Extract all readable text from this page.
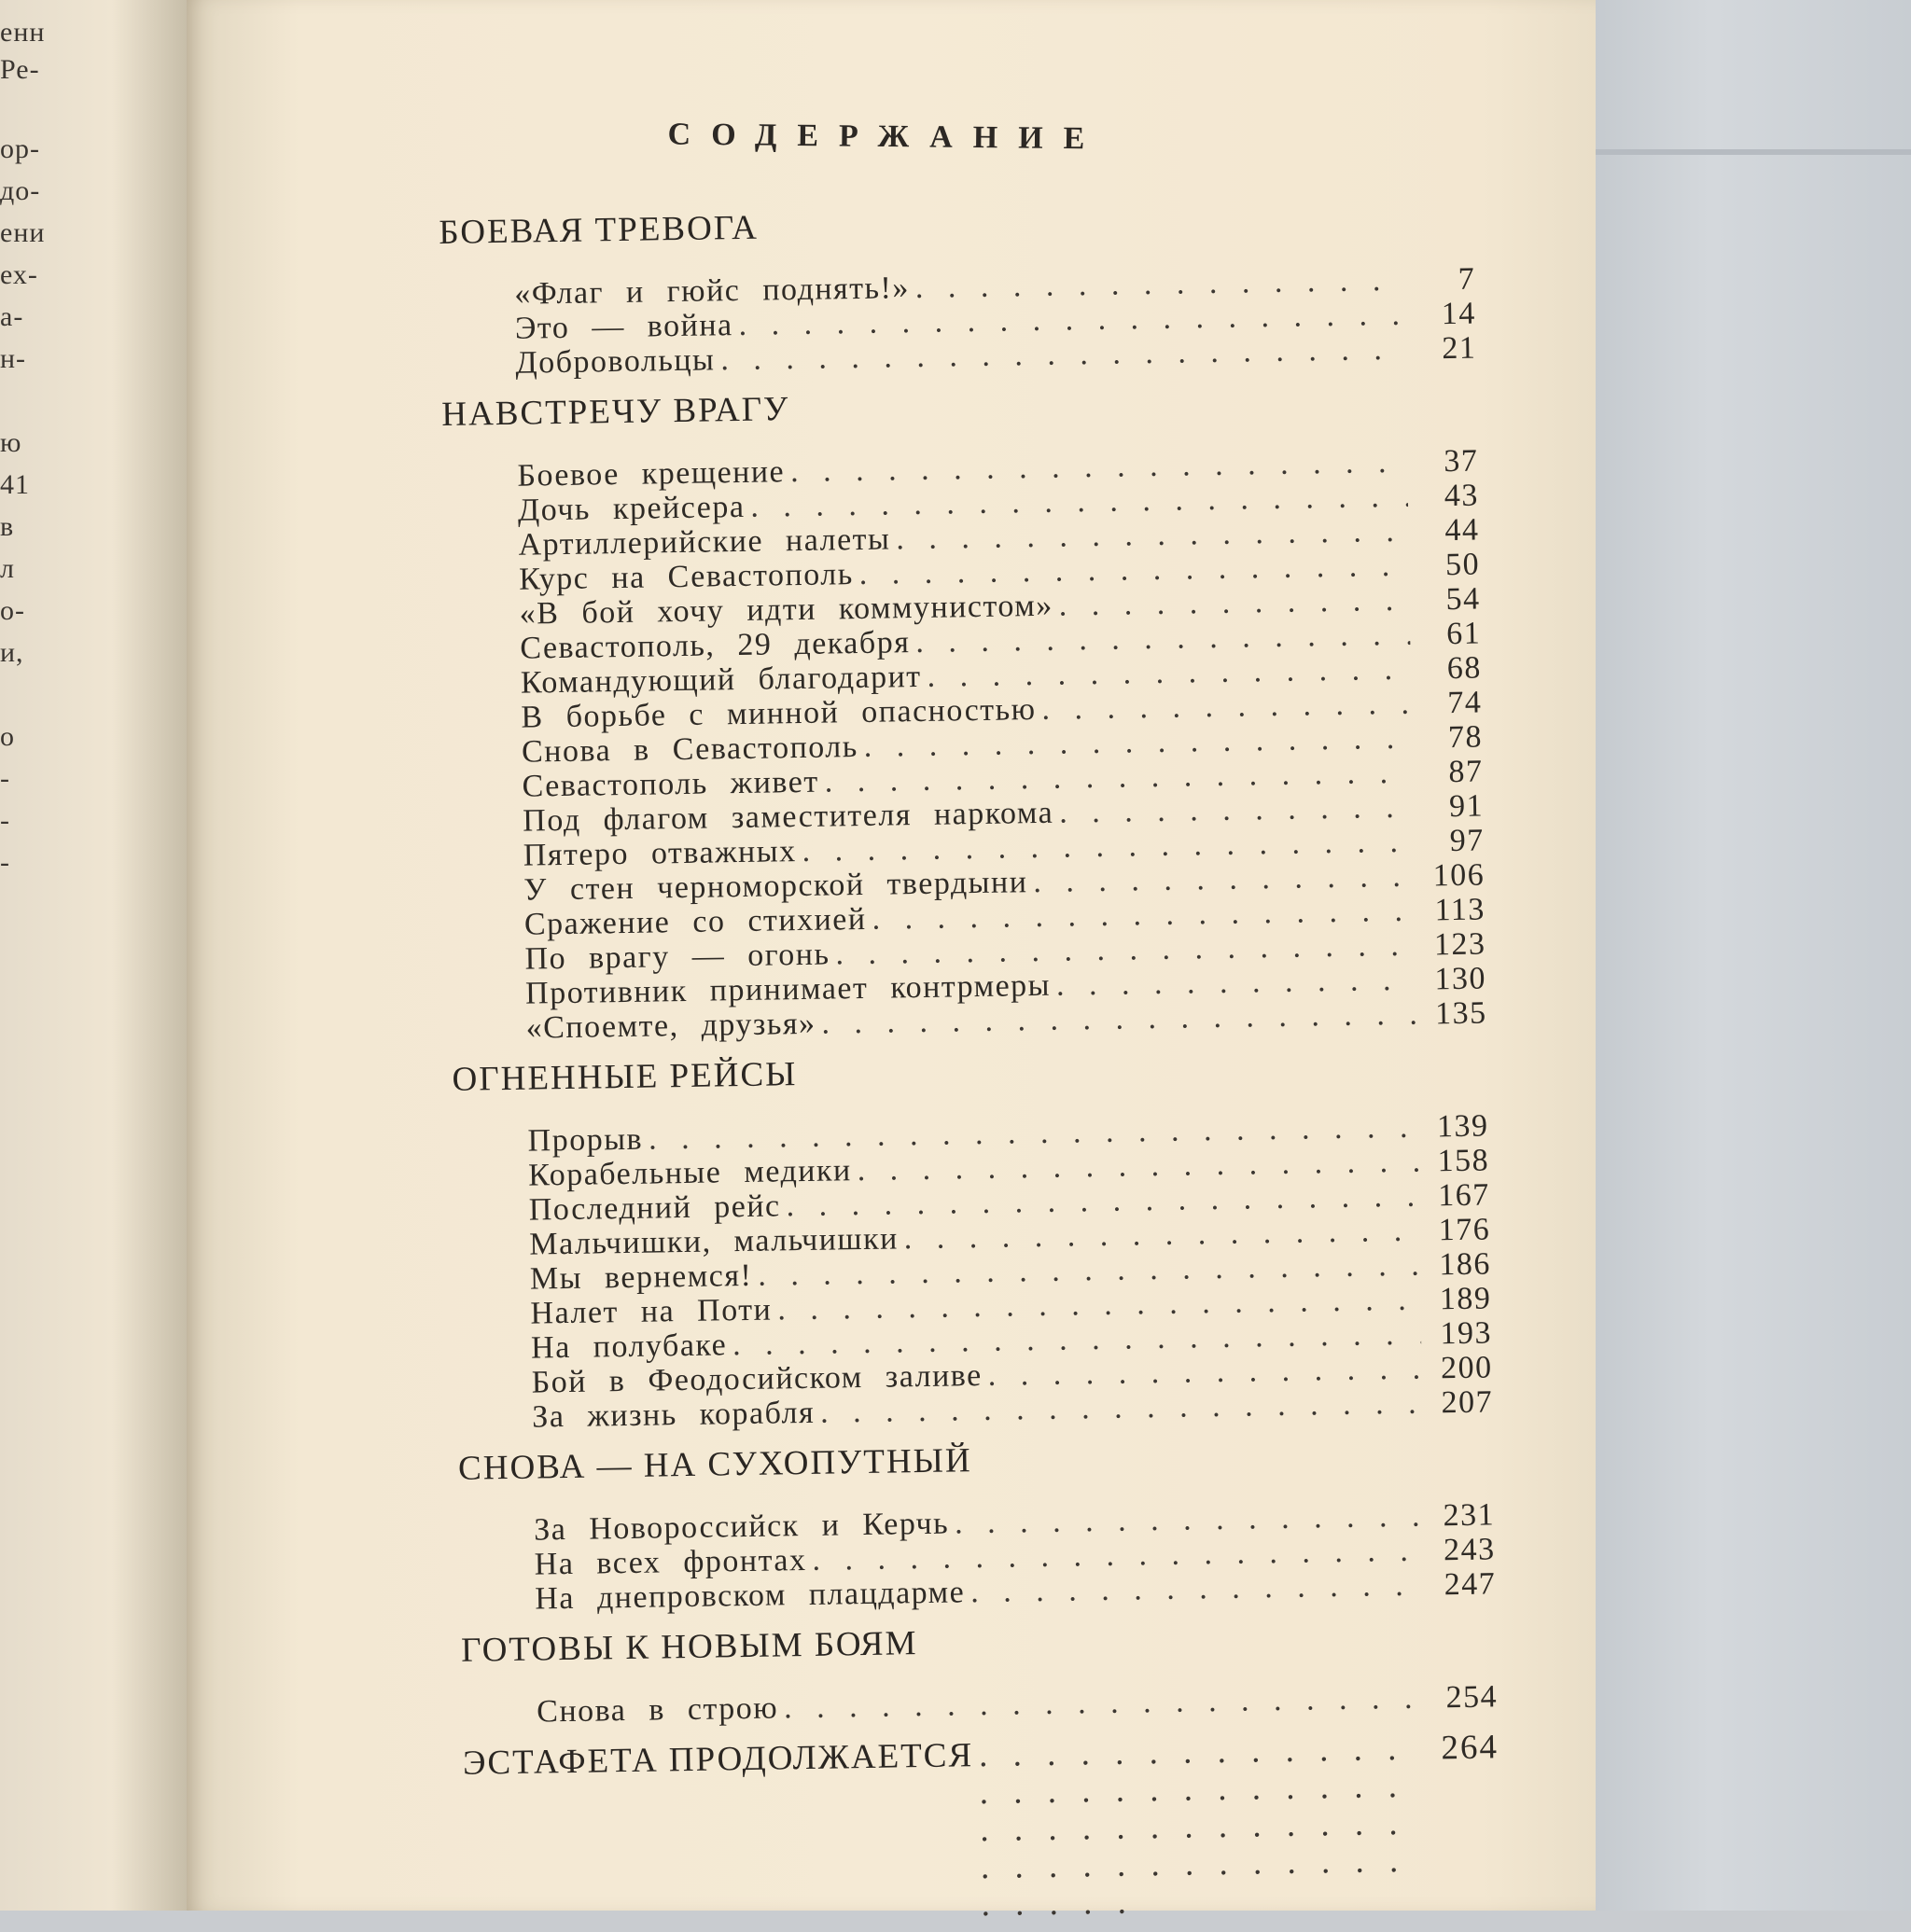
енн
Ре-
ор-
до-
ени
ех-
а-
н-
ю
41
в
л
о-
и,
о
-
-
-
СОДЕРЖАНИЕ
БОЕВАЯ ТРЕВОГА
«Флаг и гюйс поднять!» . . .	7
Это — война . . .	14
Добровольцы . . .	21
НАВСТРЕЧУ ВРАГУ
Боевое крещение . . .	37
Дочь крейсера . . .	43
Артиллерийские налеты . . .	44
Курс на Севастополь . . .	50
«В бой хочу идти коммунистом» . . .	54
Севастополь, 29 декабря . . .	61
Командующий благодарит . . .	68
В борьбе с минной опасностью . . .	74
Снова в Севастополь . . .	78
Севастополь живет . . .	87
Под флагом заместителя наркома . . .	91
Пятеро отважных . . .	97
У стен черноморской твердыни . . .	106
Сражение со стихией . . .	113
По врагу — огонь . . .	123
Противник принимает контрмеры . . .	130
«Споемте, друзья» . . .	135
ОГНЕННЫЕ РЕЙСЫ
Прорыв . . .	139
Корабельные медики . . .	158
Последний рейс . . .	167
Мальчишки, мальчишки . . .	176
Мы вернемся! . . .	186
Налет на Поти . . .	189
На полубаке . . .	193
Бой в Феодосийском заливе . . .	200
За жизнь корабля . . .	207
СНОВА — НА СУХОПУТНЫЙ
За Новороссийск и Керчь . . .	231
На всех фронтах . . .	243
На днепровском плацдарме . . .	247
ГОТОВЫ К НОВЫМ БОЯМ
Снова в строю . . .	254
ЭСТАФЕТА ПРОДОЛЖАЕТСЯ . . .	264
